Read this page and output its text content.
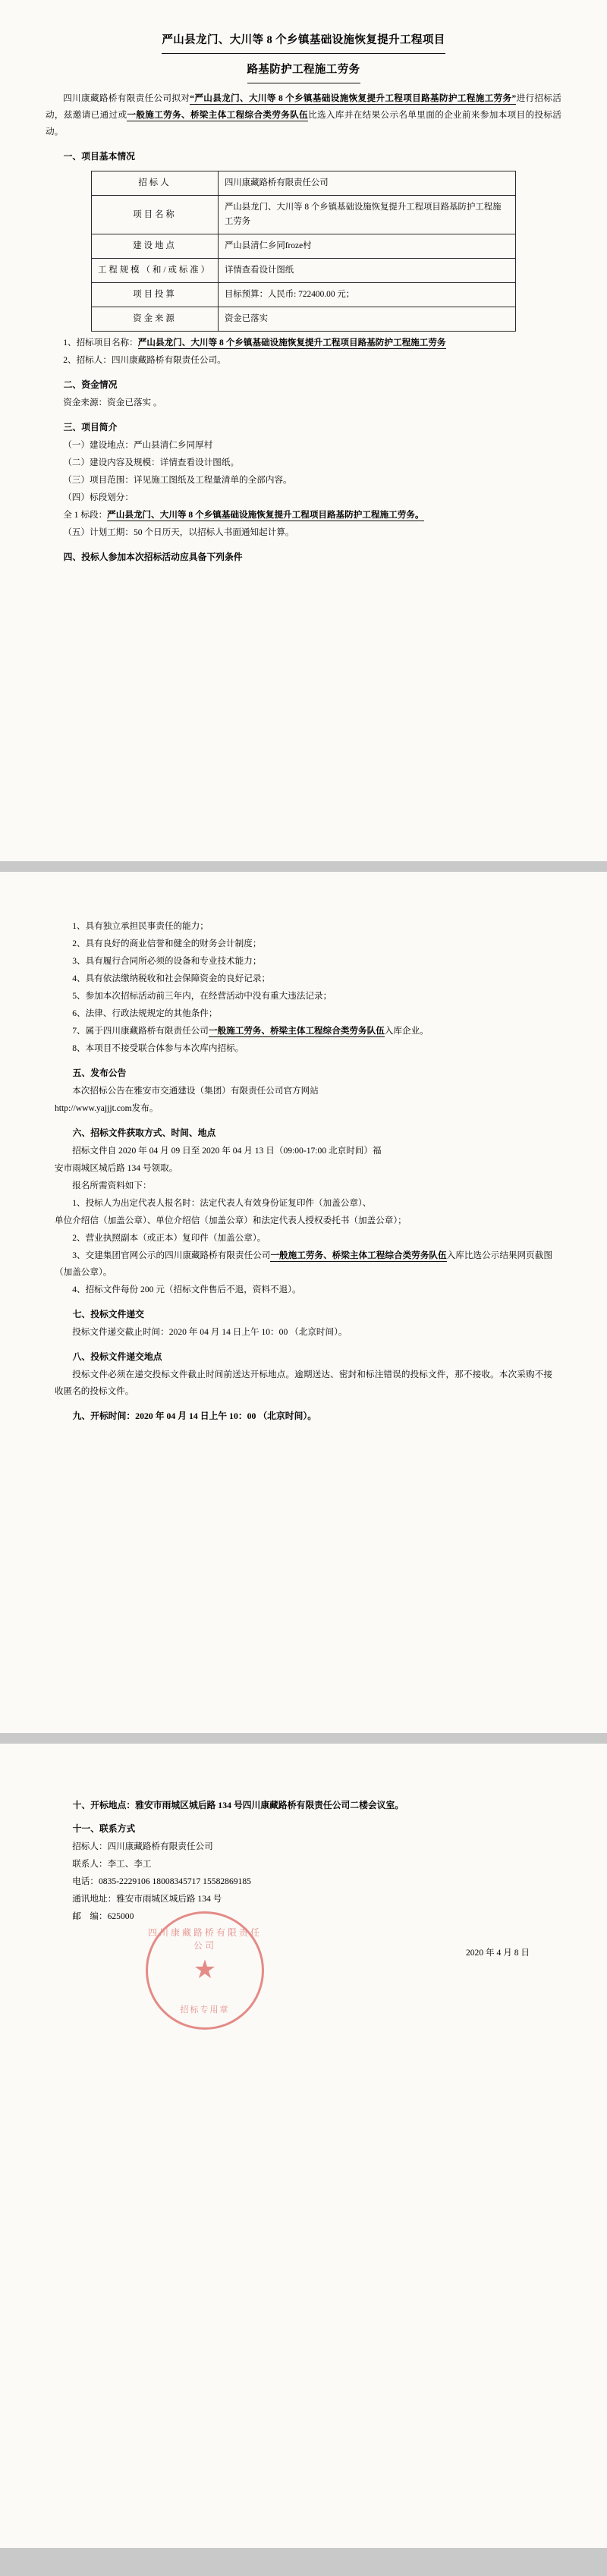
严山县龙门、大川等 8 个乡镇基础设施恢复提升工程项目
路基防护工程施工劳务

四川康藏路桥有限责任公司拟对“严山县龙门、大川等 8 个乡镇基础设施恢复提升工程项目路基防护工程施工劳务”进行招标活动，兹邀请已通过或一般施工劳务、桥梁主体工程综合类劳务队伍比选入库并在结果公示名单里面的企业前来参加本项目的投标活动。

一、项目基本情况
招标人	四川康藏路桥有限责任公司
项目名称	严山县龙门、大川等 8 个乡镇基础设施恢复提升工程项目路基防护工程施工劳务
建设地点	严山县清仁乡同froze村
工程规模（和/或标准）	详情查看设计图纸
项目投算	目标预算：人民币: 722400.00 元；
资金来源	资金已落实

1、招标项目名称：严山县龙门、大川等 8 个乡镇基础设施恢复提升工程项目路基防护工程施工劳务

2、招标人：四川康藏路桥有限责任公司。

二、资金情况

资金来源：资金已落实 。

三、项目简介

（一）建设地点：严山县清仁乡同厚村

（二）建设内容及规模：详情查看设计图纸。

（三）项目范围：详见施工图纸及工程量清单的全部内容。

（四）标段划分：

全 1 标段：严山县龙门、大川等 8 个乡镇基础设施恢复提升工程项目路基防护工程施工劳务。

（五）计划工期：50 个日历天，以招标人书面通知起计算。

四、投标人参加本次招标活动应具备下列条件

1、具有独立承担民事责任的能力；

2、具有良好的商业信誉和健全的财务会计制度；

3、具有履行合同所必须的设备和专业技术能力；

4、具有依法缴纳税收和社会保障资金的良好记录；

5、参加本次招标活动前三年内，在经营活动中没有重大违法记录；

6、法律、行政法规规定的其他条件；

7、属于四川康藏路桥有限责任公司一般施工劳务、桥梁主体工程综合类劳务队伍入库企业。

8、本项目不接受联合体参与本次库内招标。

五、发布公告

本次招标公告在雅安市交通建设（集团）有限责任公司官方网站

http://www.yajjjt.com发布。

六、招标文件获取方式、时间、地点

招标文件自 2020 年 04 月 09 日至 2020 年 04 月 13 日（09:00-17:00 北京时间）福

安市雨城区城后路 134 号领取。

报名所需资料如下：

1、投标人为出定代表人报名时：法定代表人有效身份证复印件（加盖公章）、

单位介绍信（加盖公章）、单位介绍信（加盖公章）和法定代表人授权委托书（加盖公章）；

2、营业执照副本（或正本）复印件（加盖公章）。

3、交建集团官网公示的四川康藏路桥有限责任公司一般施工劳务、桥梁主体工程综合类劳务队伍入库比选公示结果网页截图（加盖公章）。

4、招标文件每份 200 元（招标文件售后不退，资料不退）。

七、投标文件递交

投标文件递交截止时间：2020 年 04 月 14 日上午 10：00 （北京时间）。

八、投标文件递交地点

投标文件必须在递交投标文件截止时间前送达开标地点。逾期送达、密封和标注错误的投标文件，那不接收。本次采购不接收匿名的投标文件。

九、开标时间：2020 年 04 月 14 日上午 10：00 （北京时间）。
十、开标地点：雅安市雨城区城后路 134 号四川康藏路桥有限责任公司二楼会议室。
十一、联系方式

招标人：四川康藏路桥有限责任公司

联系人：李工、李工

电话：0835-2229106 18008345717 15582869185

通讯地址：雅安市雨城区城后路 134 号

邮　编：625000

四川康藏路桥有限责任公司
★
招标专用章
2020 年 4 月 8 日
